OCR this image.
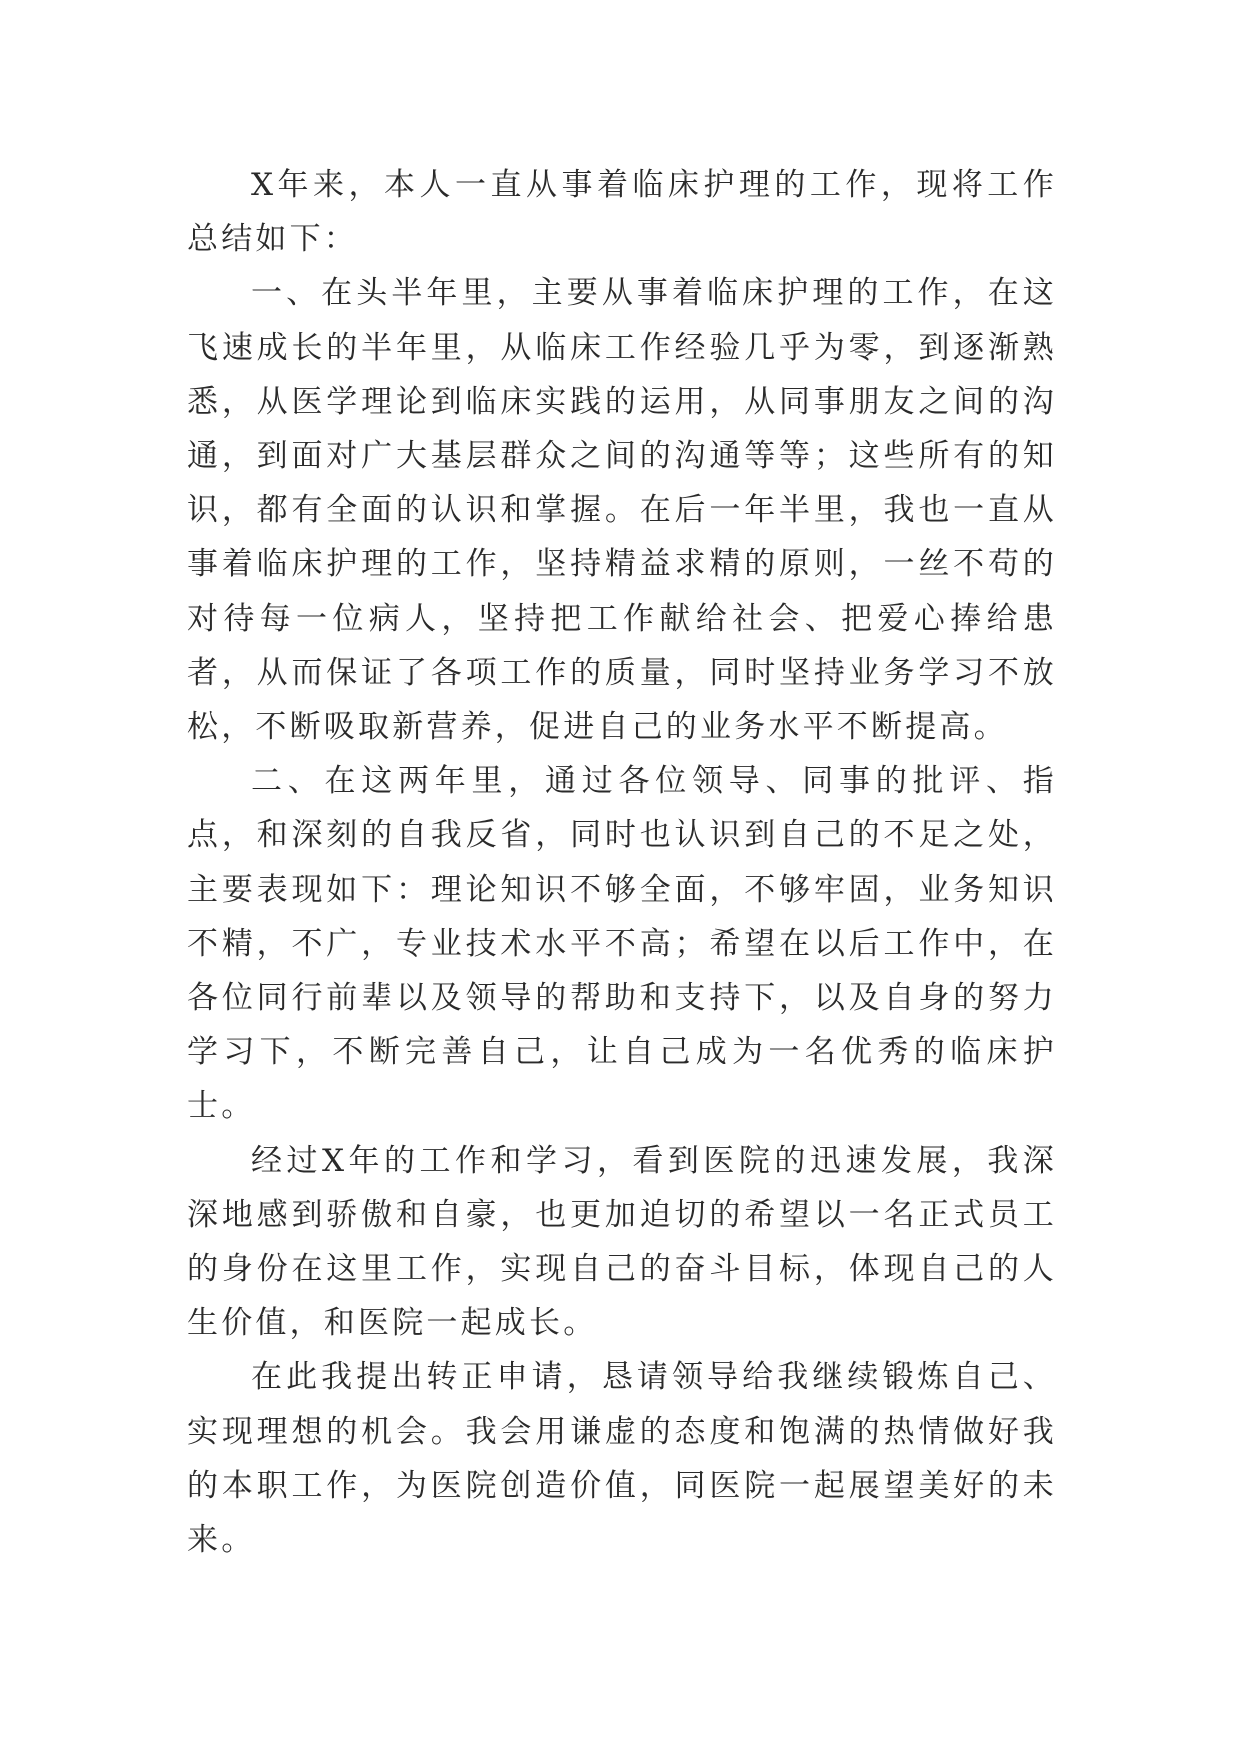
X年来，本人一直从事着临床护理的工作，现将工作总结如下：

一、在头半年里，主要从事着临床护理的工作，在这飞速成长的半年里，从临床工作经验几乎为零，到逐渐熟悉，从医学理论到临床实践的运用，从同事朋友之间的沟通，到面对广大基层群众之间的沟通等等；这些所有的知识，都有全面的认识和掌握。在后一年半里，我也一直从事着临床护理的工作，坚持精益求精的原则，一丝不苟的对待每一位病人，坚持把工作献给社会、把爱心捧给患者，从而保证了各项工作的质量，同时坚持业务学习不放松，不断吸取新营养，促进自己的业务水平不断提高。

二、在这两年里，通过各位领导、同事的批评、指点，和深刻的自我反省，同时也认识到自己的不足之处，主要表现如下：理论知识不够全面，不够牢固，业务知识不精，不广，专业技术水平不高；希望在以后工作中，在各位同行前辈以及领导的帮助和支持下，以及自身的努力学习下，不断完善自己，让自己成为一名优秀的临床护士。

经过X年的工作和学习，看到医院的迅速发展，我深深地感到骄傲和自豪，也更加迫切的希望以一名正式员工的身份在这里工作，实现自己的奋斗目标，体现自己的人生价值，和医院一起成长。

在此我提出转正申请，恳请领导给我继续锻炼自己、实现理想的机会。我会用谦虚的态度和饱满的热情做好我的本职工作，为医院创造价值，同医院一起展望美好的未来。
